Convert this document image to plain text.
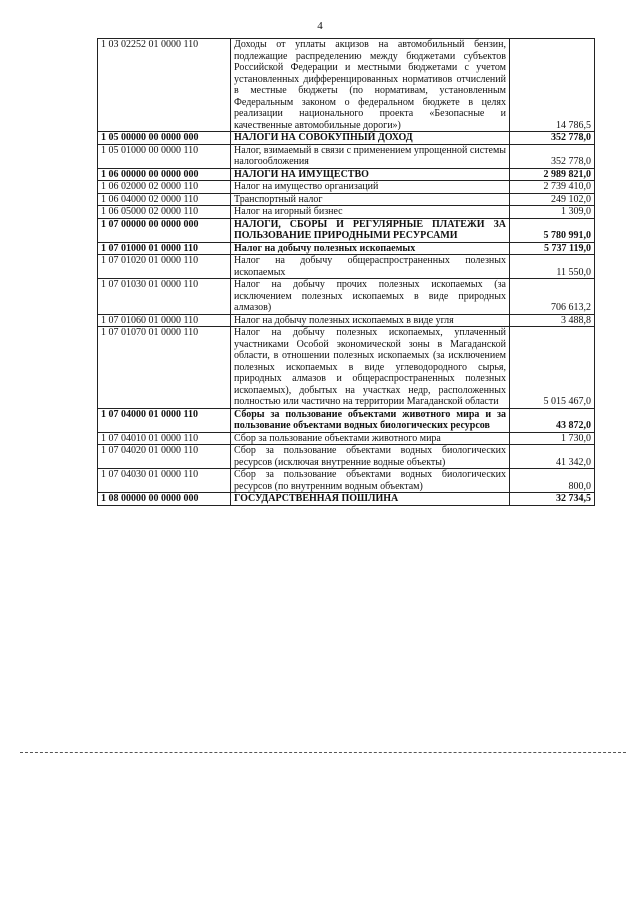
4
1 03 02252 01 0000 110	Доходы от уплаты акцизов на автомобильный бензин, подлежащие распределению между бюджетами субъектов Российской Федерации и местными бюджетами с учетом установленных дифференцированных нормативов отчислений в местные бюджеты (по нормативам, установленным Федеральным законом о федеральном бюджете в целях реализации национального проекта «Безопасные и качественные автомобильные дороги»)	14 786,5
1 05 00000 00 0000 000	НАЛОГИ НА СОВОКУПНЫЙ ДОХОД	352 778,0
1 05 01000 00 0000 110	Налог, взимаемый в связи с применением упрощенной системы налогообложения	352 778,0
1 06 00000 00 0000 000	НАЛОГИ НА ИМУЩЕСТВО	2 989 821,0
1 06 02000 02 0000 110	Налог на имущество организаций	2 739 410,0
1 06 04000 02 0000 110	Транспортный налог	249 102,0
1 06 05000 02 0000 110	Налог на игорный бизнес	1 309,0
1 07 00000 00 0000 000	НАЛОГИ, СБОРЫ И РЕГУЛЯРНЫЕ ПЛАТЕЖИ ЗА ПОЛЬЗОВАНИЕ ПРИРОДНЫМИ РЕСУРСАМИ	5 780 991,0
1 07 01000 01 0000 110	Налог на добычу полезных ископаемых	5 737 119,0
1 07 01020 01 0000 110	Налог на добычу общераспространенных полезных ископаемых	11 550,0
1 07 01030 01 0000 110	Налог на добычу прочих полезных ископаемых (за исключением полезных ископаемых в виде природных алмазов)	706 613,2
1 07 01060 01 0000 110	Налог на добычу полезных ископаемых в виде угля	3 488,8
1 07 01070 01 0000 110	Налог на добычу полезных ископаемых, уплаченный участниками Особой экономической зоны в Магаданской области, в отношении полезных ископаемых (за исключением полезных ископаемых в виде углеводородного сырья, природных алмазов и общераспространенных полезных ископаемых), добытых на участках недр, расположенных полностью или частично на территории Магаданской области	5 015 467,0
1 07 04000 01 0000 110	Сборы за пользование объектами животного мира и за пользование объектами водных биологических ресурсов	43 872,0
1 07 04010 01 0000 110	Сбор за пользование объектами животного мира	1 730,0
1 07 04020 01 0000 110	Сбор за пользование объектами водных биологических ресурсов (исключая внутренние водные объекты)	41 342,0
1 07 04030 01 0000 110	Сбор за пользование объектами водных биологических ресурсов (по внутренним водным объектам)	800,0
1 08 00000 00 0000 000	ГОСУДАРСТВЕННАЯ ПОШЛИНА	32 734,5
